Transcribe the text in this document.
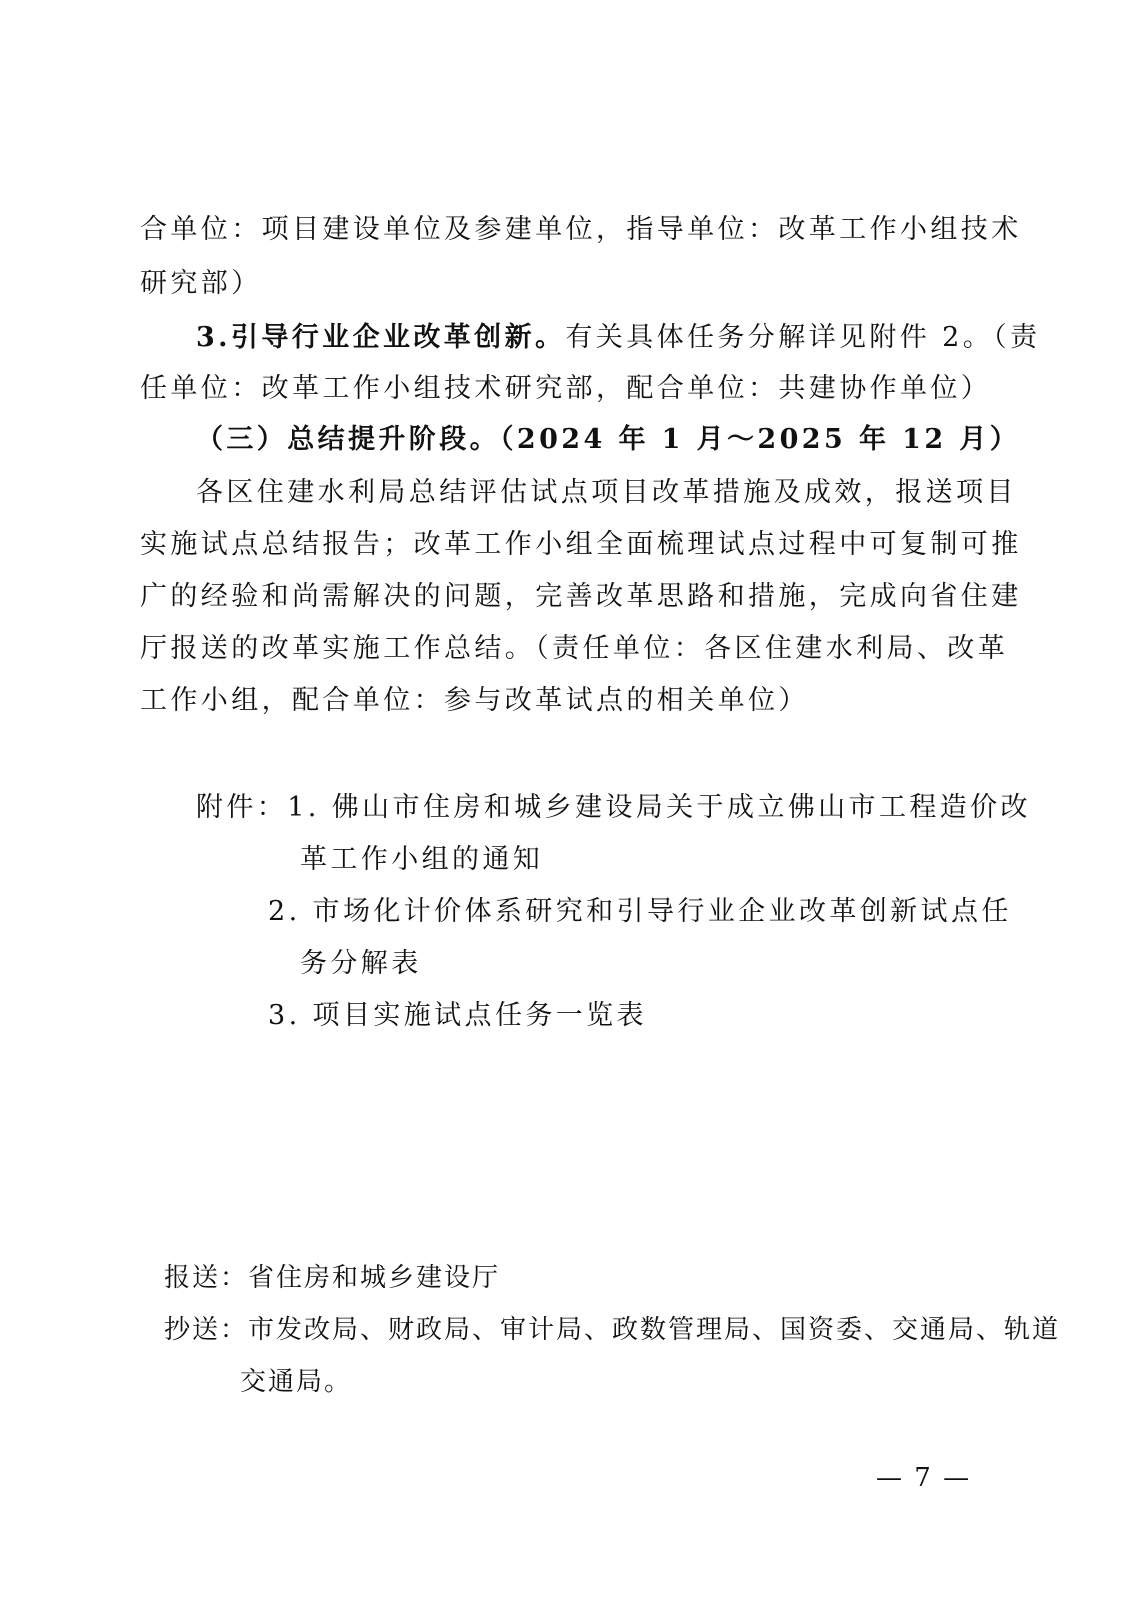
合单位：项目建设单位及参建单位，指导单位：改革工作小组技术
研究部）
3.引导行业企业改革创新。有关具体任务分解详见附件 2。（责
任单位：改革工作小组技术研究部，配合单位：共建协作单位）
（三）总结提升阶段。（2024 年 1 月～2025 年 12 月）
各区住建水利局总结评估试点项目改革措施及成效，报送项目
实施试点总结报告；改革工作小组全面梳理试点过程中可复制可推
广的经验和尚需解决的问题，完善改革思路和措施，完成向省住建
厅报送的改革实施工作总结。（责任单位：各区住建水利局、改革
工作小组，配合单位：参与改革试点的相关单位）
附件：1. 佛山市住房和城乡建设局关于成立佛山市工程造价改
革工作小组的通知
2. 市场化计价体系研究和引导行业企业改革创新试点任
务分解表
3. 项目实施试点任务一览表
报送：省住房和城乡建设厅
抄送：市发改局、财政局、审计局、政数管理局、国资委、交通局、轨道
交通局。
— 7 —
